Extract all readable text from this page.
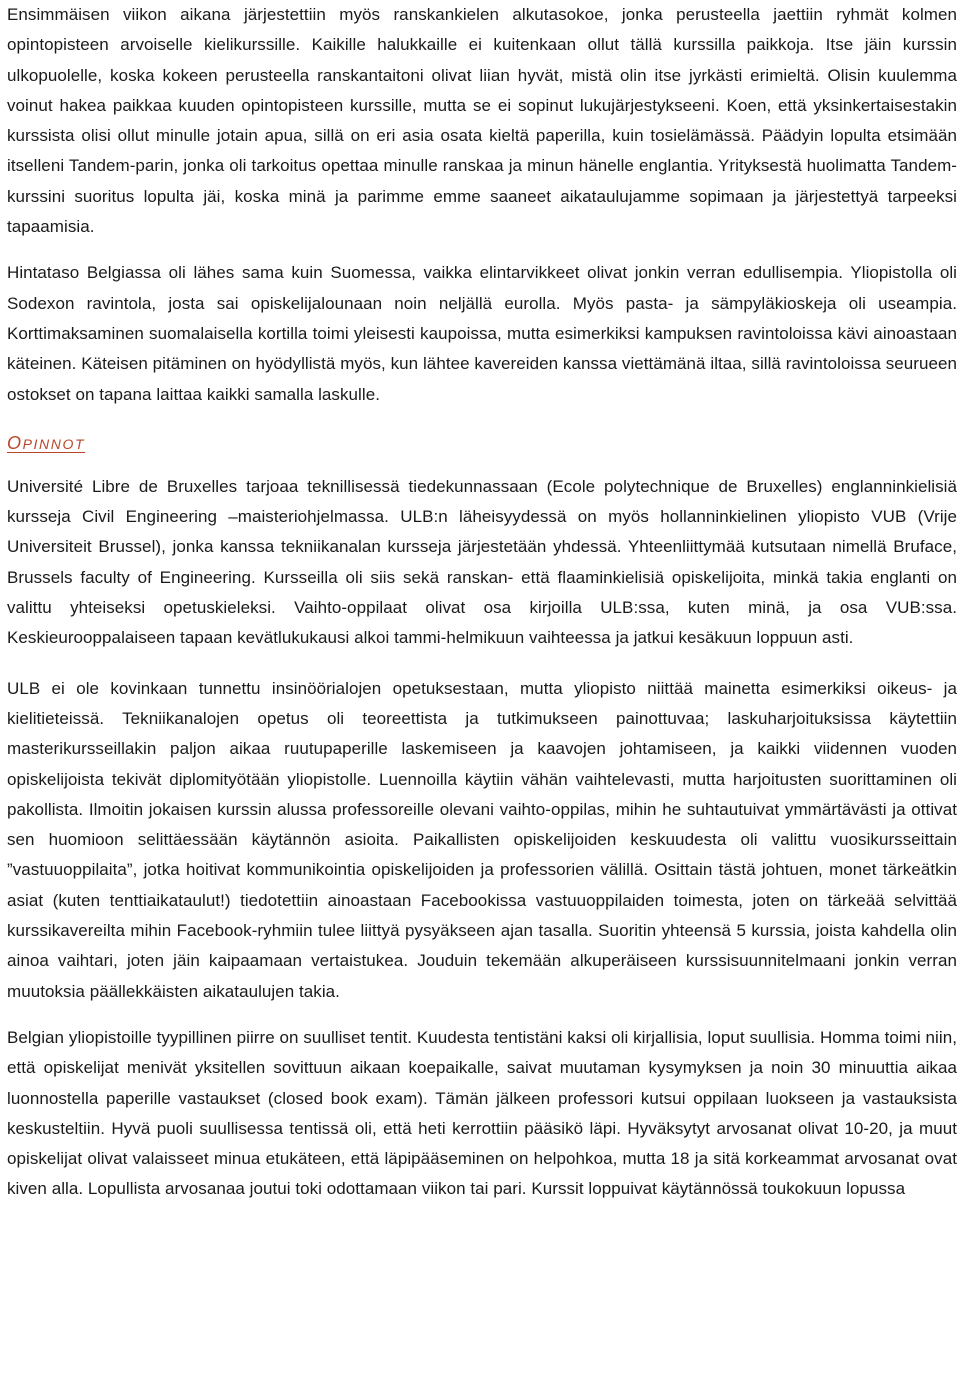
Ensimmäisen viikon aikana järjestettiin myös ranskankielen alkutasokoe, jonka perusteella jaettiin ryhmät kolmen opintopisteen arvoiselle kielikurssille. Kaikille halukkaille ei kuitenkaan ollut tällä kurssilla paikkoja. Itse jäin kurssin ulkopuolelle, koska kokeen perusteella ranskantaitoni olivat liian hyvät, mistä olin itse jyrkästi erimieltä. Olisin kuulemma voinut hakea paikkaa kuuden opintopisteen kurssille, mutta se ei sopinut lukujärjestykseeni. Koen, että yksinkertaisestakin kurssista olisi ollut minulle jotain apua, sillä on eri asia osata kieltä paperilla, kuin tosielämässä. Päädyin lopulta etsimään itselleni Tandem-parin, jonka oli tarkoitus opettaa minulle ranskaa ja minun hänelle englantia. Yrityksestä huolimatta Tandem-kurssini suoritus lopulta jäi, koska minä ja parimme emme saaneet aikataulujamme sopimaan ja järjestettyä tarpeeksi tapaamisia.

Hintataso Belgiassa oli lähes sama kuin Suomessa, vaikka elintarvikkeet olivat jonkin verran edullisempia. Yliopistolla oli Sodexon ravintola, josta sai opiskelijalounaan noin neljällä eurolla. Myös pasta- ja sämpyläkioskeja oli useampia. Korttimaksaminen suomalaisella kortilla toimi yleisesti kaupoissa, mutta esimerkiksi kampuksen ravintoloissa kävi ainoastaan käteinen. Käteisen pitäminen on hyödyllistä myös, kun lähtee kavereiden kanssa viettämänä iltaa, sillä ravintoloissa seurueen ostokset on tapana laittaa kaikki samalla laskulle.

OPINNOT

Université Libre de Bruxelles tarjoaa teknillisessä tiedekunnassaan (Ecole polytechnique de Bruxelles) englanninkielisiä kursseja Civil Engineering –maisteriohjelmassa. ULB:n läheisyydessä on myös hollanninkielinen yliopisto VUB (Vrije Universiteit Brussel), jonka kanssa tekniikanalan kursseja järjestetään yhdessä. Yhteenliittymää kutsutaan nimellä Bruface, Brussels faculty of Engineering. Kursseilla oli siis sekä ranskan- että flaaminkielisiä opiskelijoita, minkä takia englanti on valittu yhteiseksi opetuskieleksi. Vaihto-oppilaat olivat osa kirjoilla ULB:ssa, kuten minä, ja osa VUB:ssa. Keskieurooppalaiseen tapaan kevätlukukausi alkoi tammi-helmikuun vaihteessa ja jatkui kesäkuun loppuun asti.

ULB ei ole kovinkaan tunnettu insinöörialojen opetuksestaan, mutta yliopisto niittää mainetta esimerkiksi oikeus- ja kielitieteissä. Tekniikanalojen opetus oli teoreettista ja tutkimukseen painottuvaa; laskuharjoituksissa käytettiin masterikursseillakin paljon aikaa ruutupaperille laskemiseen ja kaavojen johtamiseen, ja kaikki viidennen vuoden opiskelijoista tekivät diplomityötään yliopistolle. Luennoilla käytiin vähän vaihtelevasti, mutta harjoitusten suorittaminen oli pakollista. Ilmoitin jokaisen kurssin alussa professoreille olevani vaihto-oppilas, mihin he suhtautuivat ymmärtävästi ja ottivat sen huomioon selittäessään käytännön asioita. Paikallisten opiskelijoiden keskuudesta oli valittu vuosikursseittain ”vastuuoppilaita”, jotka hoitivat kommunikointia opiskelijoiden ja professorien välillä. Osittain tästä johtuen, monet tärkeätkin asiat (kuten tenttiaikataulut!) tiedotettiin ainoastaan Facebookissa vastuuoppilaiden toimesta, joten on tärkeää selvittää kurssikavereilta mihin Facebook-ryhmiin tulee liittyä pysyäkseen ajan tasalla. Suoritin yhteensä 5 kurssia, joista kahdella olin ainoa vaihtari, joten jäin kaipaamaan vertaistukea. Jouduin tekemään alkuperäiseen kurssisuunnitelmaani jonkin verran muutoksia päällekkäisten aikataulujen takia.

Belgian yliopistoille tyypillinen piirre on suulliset tentit. Kuudesta tentistäni kaksi oli kirjallisia, loput suullisia. Homma toimi niin, että opiskelijat menivät yksitellen sovittuun aikaan koepaikalle, saivat muutaman kysymyksen ja noin 30 minuuttia aikaa luonnostella paperille vastaukset (closed book exam). Tämän jälkeen professori kutsui oppilaan luokseen ja vastauksista keskusteltiin. Hyvä puoli suullisessa tentissä oli, että heti kerrottiin pääsikö läpi. Hyväksytyt arvosanat olivat 10-20, ja muut opiskelijat olivat valaisseet minua etukäteen, että läpipääseminen on helpohkoa, mutta 18 ja sitä korkeammat arvosanat ovat kiven alla. Lopullista arvosanaa joutui toki odottamaan viikon tai pari. Kurssit loppuivat käytännössä toukokuun lopussa
